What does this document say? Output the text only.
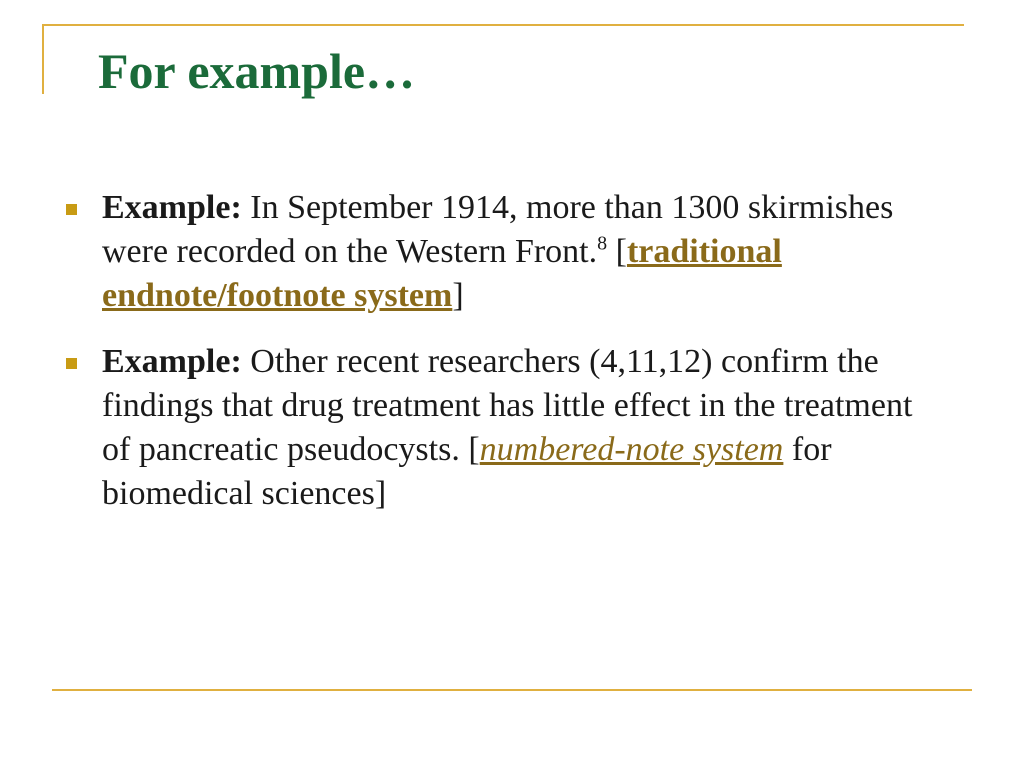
For example…
Example: In September 1914, more than 1300 skirmishes were recorded on the Western Front.$^8$ [traditional endnote/footnote system]
Example: Other recent researchers (4,11,12) confirm the findings that drug treatment has little effect in the treatment of pancreatic pseudocysts. [numbered-note system for biomedical sciences]
